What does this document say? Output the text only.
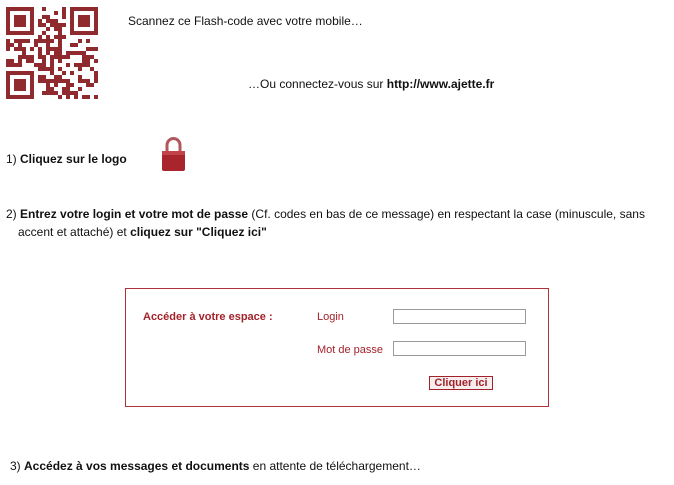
Scannez ce Flash-code avec votre mobile…
…Ou connectez-vous sur http://www.ajette.fr
1) Cliquez sur le logo
2) Entrez votre login et votre mot de passe (Cf. codes en bas de ce message) en respectant la case (minuscule, sans
accent et attaché) et cliquez sur "Cliquez ici"
Accéder à votre espace :	Login
Mot de passe
Cliquer ici
3) Accédez à vos messages et documents en attente de téléchargement…
